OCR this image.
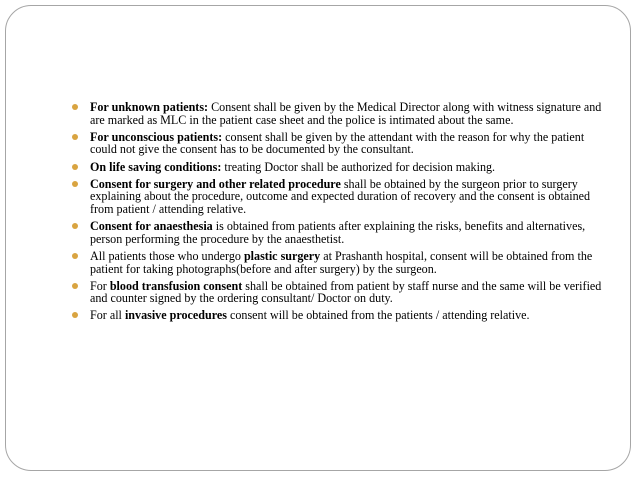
For unknown patients: Consent shall be given by the Medical Director along with witness signature and are marked as MLC in the patient case sheet and the police is intimated about the same.
For unconscious patients: consent shall be given by the attendant with the reason for why the patient could not give the consent has to be documented by the consultant.
On life saving conditions: treating Doctor shall be authorized for decision making.
Consent for surgery and other related procedure shall be obtained by the surgeon prior to surgery explaining about the procedure, outcome and expected duration of recovery and the consent is obtained from patient / attending relative.
Consent for anaesthesia is obtained from patients after explaining the risks, benefits and alternatives, person performing the procedure by the anaesthetist.
All patients those who undergo plastic surgery at Prashanth hospital, consent will be obtained from the patient for taking photographs(before and after surgery) by the surgeon.
For blood transfusion consent shall be obtained from patient by staff nurse and the same will be verified and counter signed by the ordering consultant/ Doctor on duty.
For all invasive procedures consent will be obtained from the patients / attending relative.
